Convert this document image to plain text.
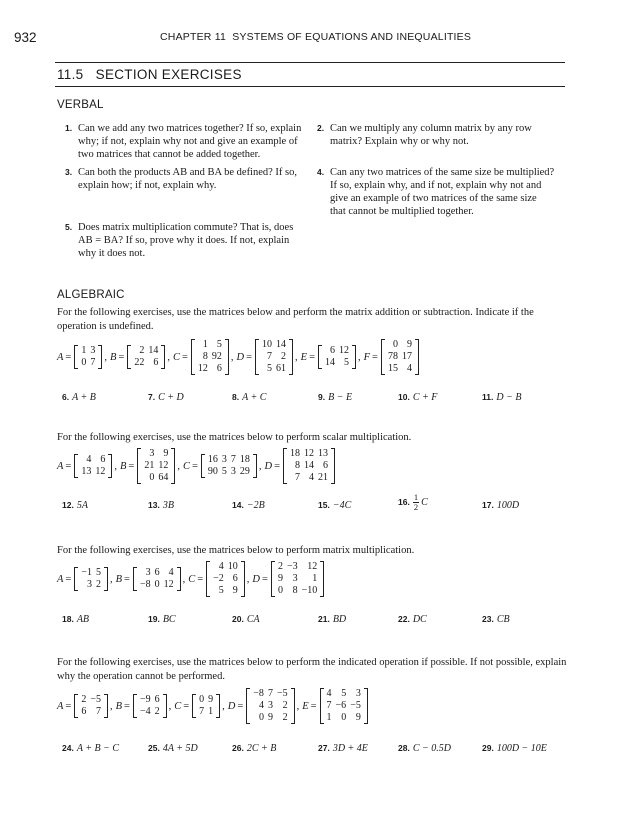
932	CHAPTER 11 SYSTEMS OF EQUATIONS AND INEQUALITIES
11.5 SECTION EXERCISES
VERBAL
1. Can we add any two matrices together? If so, explain why; if not, explain why not and give an example of two matrices that cannot be added together.
2. Can we multiply any column matrix by any row matrix? Explain why or why not.
3. Can both the products AB and BA be defined? If so, explain how; if not, explain why.
4. Can any two matrices of the same size be multiplied? If so, explain why, and if not, explain why not and give an example of two matrices of the same size that cannot be multiplied together.
5. Does matrix multiplication commute? That is, does AB = BA? If so, prove why it does. If not, explain why it does not.
ALGEBRAIC
For the following exercises, use the matrices below and perform the matrix addition or subtraction. Indicate if the operation is undefined.
A =
1	3
0	7 , B =
2	14
22	6 , C =
1	5
8	92
12	6
, D =
10	14
7	2
5	61
, E =
6	12
14	5 , F =
0	9
78	17
15	4
6. A + B	7. C + D	8. A + C	9. B − E	10. C + F	11. D − B
For the following exercises, use the matrices below to perform scalar multiplication.
A =
4	6
13	12 , B =
3	9
21	12
0	64
, C =
16	3	7	18
90	5	3	29 , D =
18	12	13
8	14	6
7	4	21
12. 5A	13. 3B	14. −2B	15. −4C	16. $\frac{1}{2}$ C	17. 100D
For the following exercises, use the matrices below to perform matrix multiplication.
A =
−1	5
3	2 , B =
3	6	4
−8	0	12 , C =
4	10
−2	6
5	9
, D =
2	−3	12
9	3	1
0	8	−10
18. AB	19. BC	20. CA	21. BD	22. DC	23. CB
For the following exercises, use the matrices below to perform the indicated operation if possible. If not possible, explain why the operation cannot be performed.
A =
2	−5
6	7 , B =
−9	6
−4	2 , C =
0	9
7	1 , D =
−8	7	−5
4	3	2
0	9	2
, E =
4	5	3
7	−6	−5
1	0	9
24. A + B − C	25. 4A + 5D	26. 2C + B	27. 3D + 4E	28. C − 0.5D	29. 100D − 10E
